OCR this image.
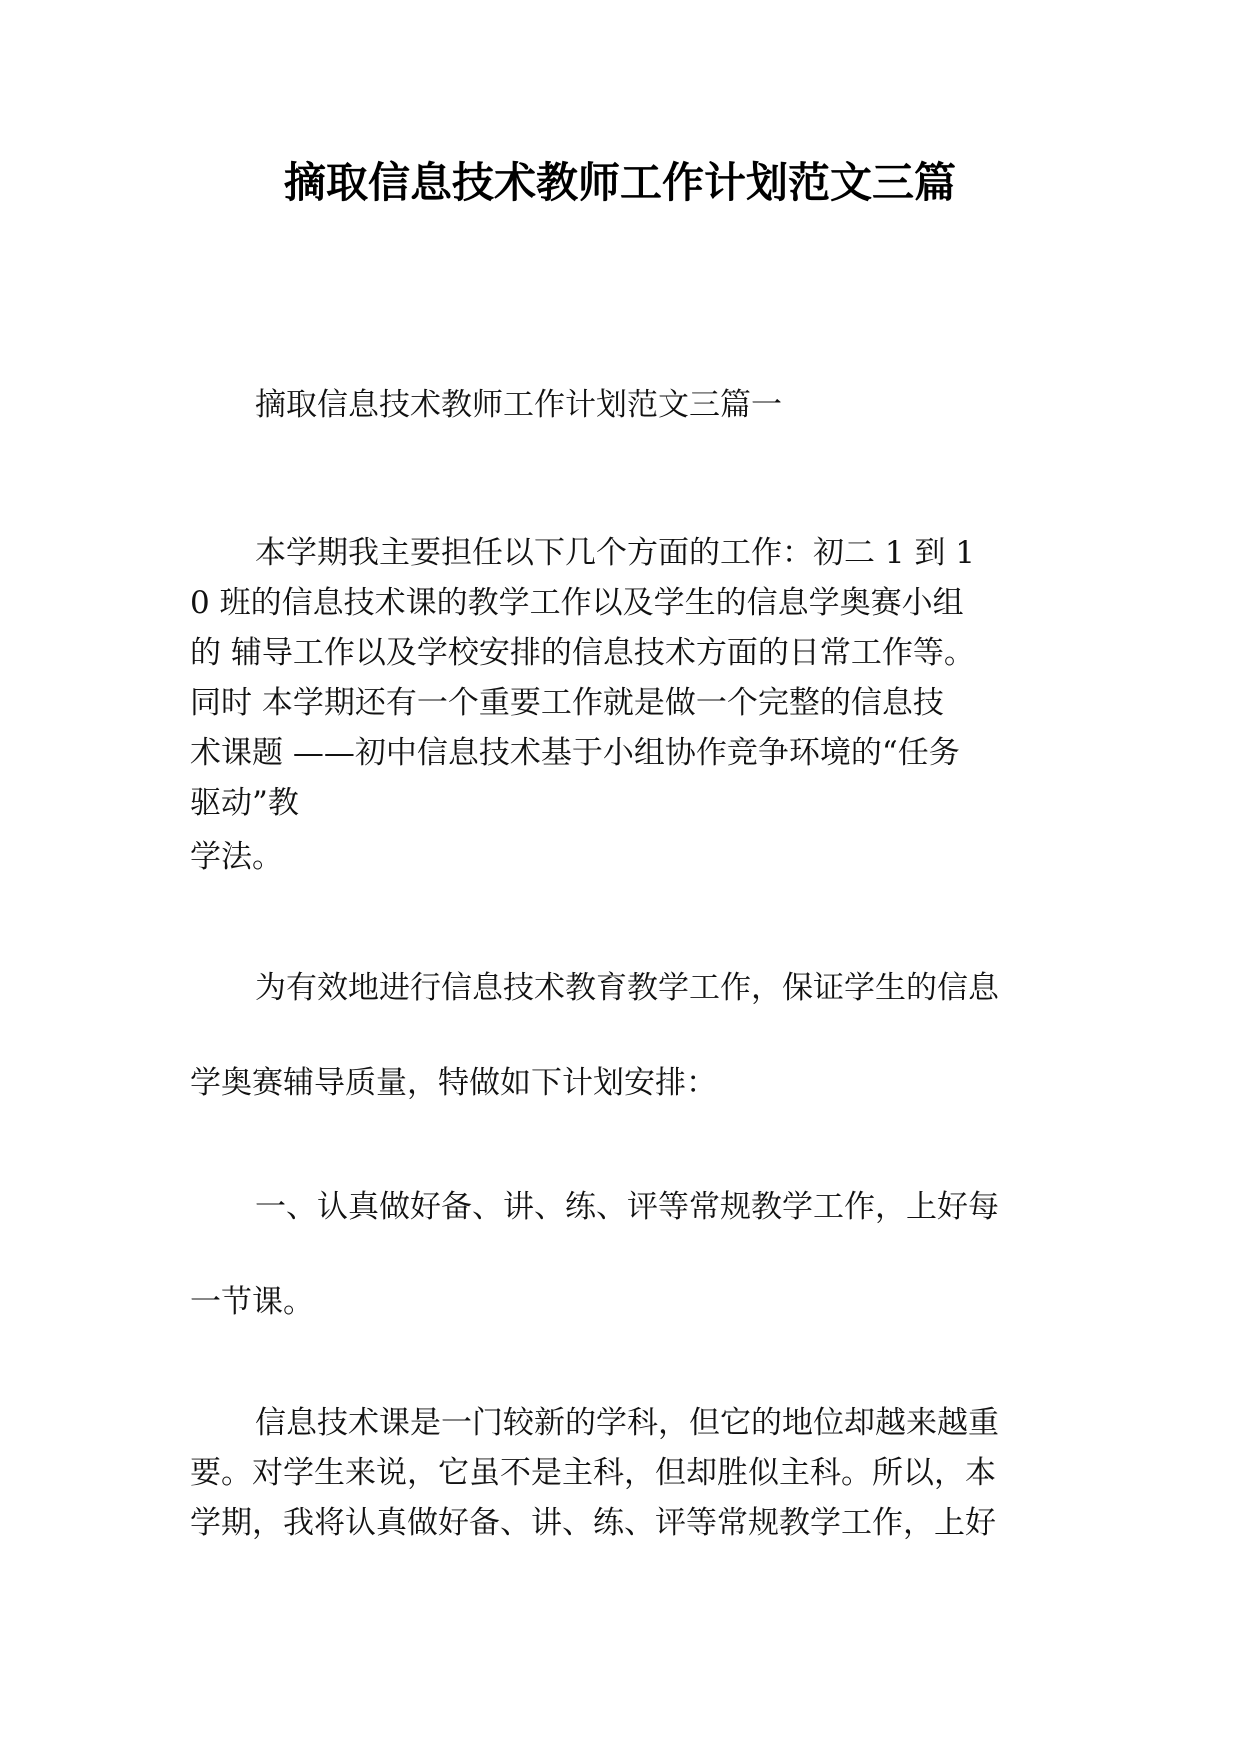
摘取信息技术教师工作计划范文三篇
摘取信息技术教师工作计划范文三篇一
本学期我主要担任以下几个方面的工作：初二 1 到 1
0 班的信息技术课的教学工作以及学生的信息学奥赛小组
的 辅导工作以及学校安排的信息技术方面的日常工作等。
同时 本学期还有一个重要工作就是做一个完整的信息技
术课题 ——初中信息技术基于小组协作竞争环境的“任务
驱动”教
学法。
为有效地进行信息技术教育教学工作，保证学生的信息
学奥赛辅导质量，特做如下计划安排：
一、认真做好备、讲、练、评等常规教学工作，上好每
一节课。
信息技术课是一门较新的学科，但它的地位却越来越重
要。对学生来说，它虽不是主科，但却胜似主科。所以，本
学期，我将认真做好备、讲、练、评等常规教学工作，上好
